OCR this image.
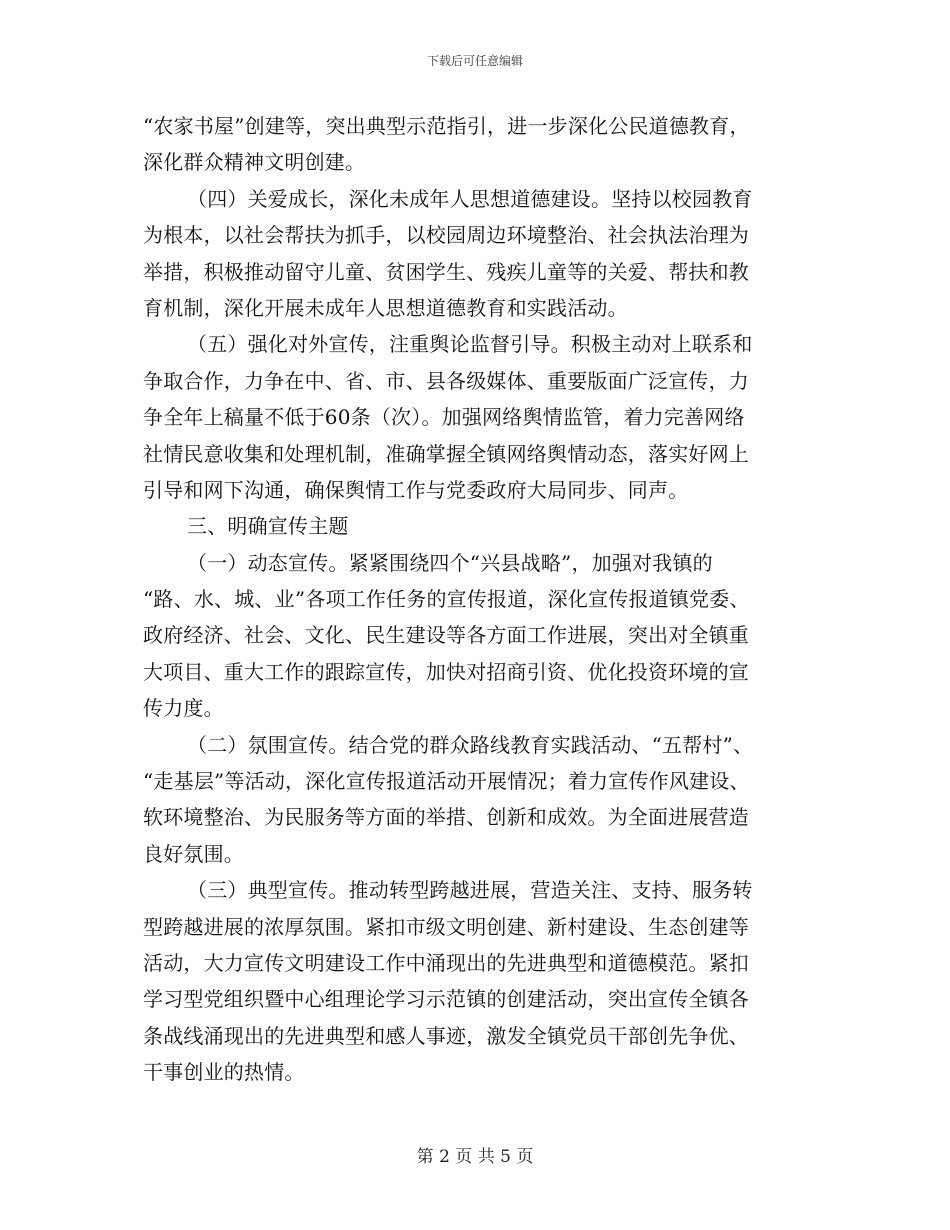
下载后可任意编辑
“农家书屋”创建等，突出典型示范指引，进一步深化公民道德教育，
深化群众精神文明创建。
（四）关爱成长，深化未成年人思想道德建设。坚持以校园教育
为根本，以社会帮扶为抓手，以校园周边环境整治、社会执法治理为
举措，积极推动留守儿童、贫困学生、残疾儿童等的关爱、帮扶和教
育机制，深化开展未成年人思想道德教育和实践活动。
（五）强化对外宣传，注重舆论监督引导。积极主动对上联系和
争取合作，力争在中、省、市、县各级媒体、重要版面广泛宣传，力
争全年上稿量不低于60条（次）。加强网络舆情监管，着力完善网络
社情民意收集和处理机制，准确掌握全镇网络舆情动态，落实好网上
引导和网下沟通，确保舆情工作与党委政府大局同步、同声。
三、明确宣传主题
（一）动态宣传。紧紧围绕四个“兴县战略”，加强对我镇的
“路、水、城、业”各项工作任务的宣传报道，深化宣传报道镇党委、
政府经济、社会、文化、民生建设等各方面工作进展，突出对全镇重
大项目、重大工作的跟踪宣传，加快对招商引资、优化投资环境的宣
传力度。
（二）氛围宣传。结合党的群众路线教育实践活动、“五帮村”、
“走基层”等活动，深化宣传报道活动开展情况；着力宣传作风建设、
软环境整治、为民服务等方面的举措、创新和成效。为全面进展营造
良好氛围。
（三）典型宣传。推动转型跨越进展，营造关注、支持、服务转
型跨越进展的浓厚氛围。紧扣市级文明创建、新村建设、生态创建等
活动，大力宣传文明建设工作中涌现出的先进典型和道德模范。紧扣
学习型党组织暨中心组理论学习示范镇的创建活动，突出宣传全镇各
条战线涌现出的先进典型和感人事迹，激发全镇党员干部创先争优、
干事创业的热情。
第 2 页 共 5 页
